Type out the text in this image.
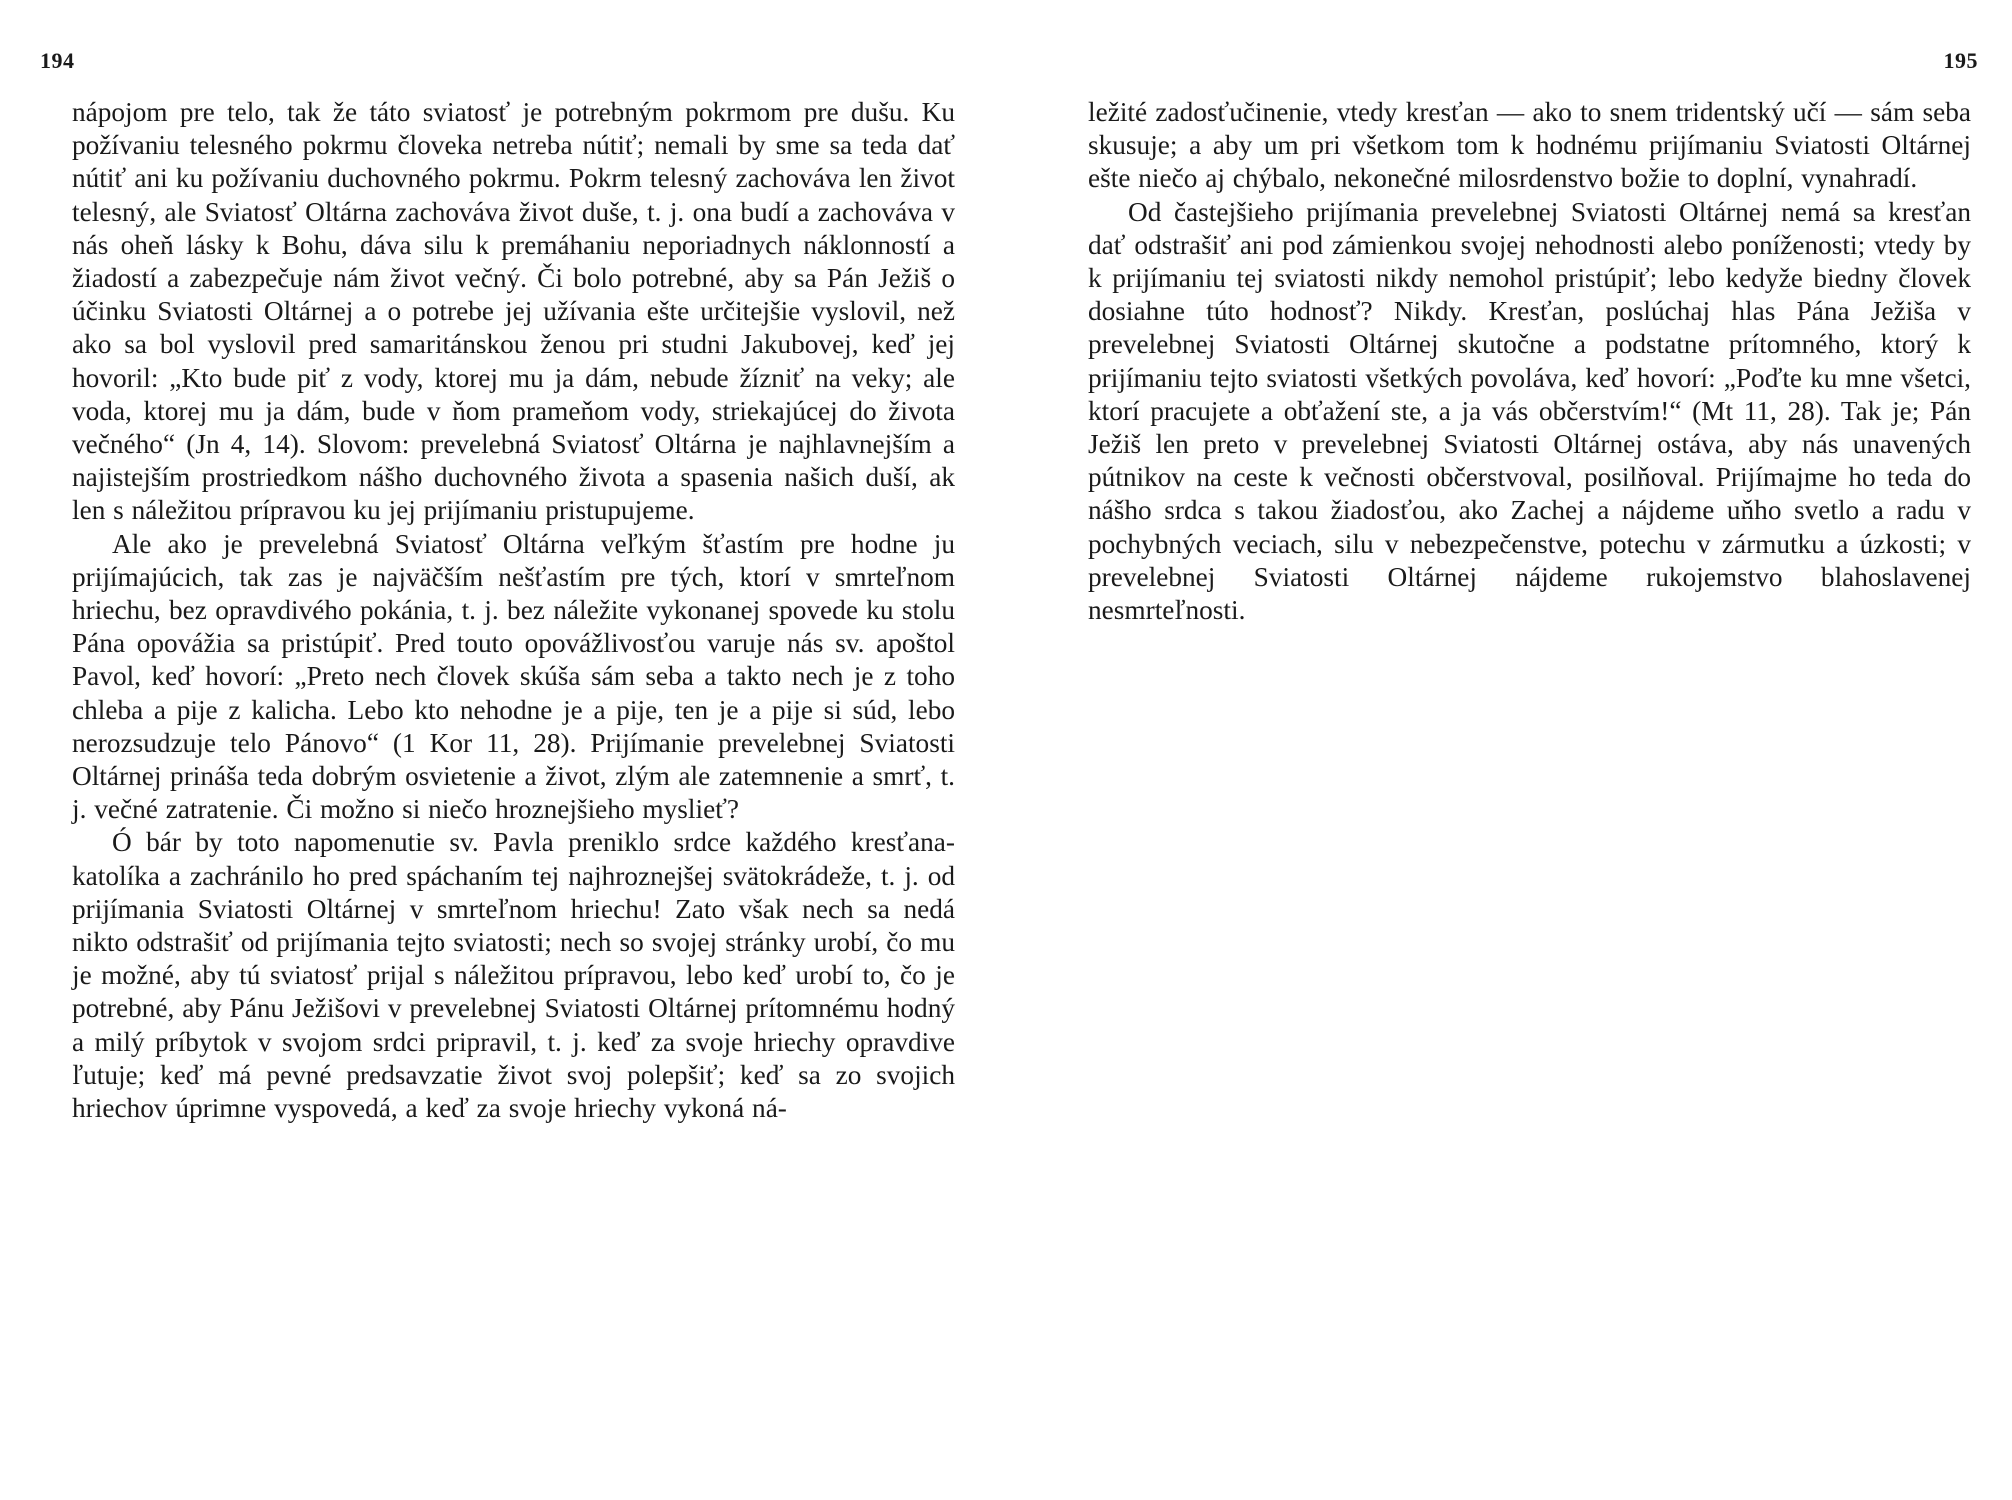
194

nápojom pre telo, tak že táto sviatosť je potrebným pokrmom pre dušu. Ku požívaniu telesného pokrmu človeka netreba nútiť; nemali by sme sa teda dať nútiť ani ku požívaniu duchovného pokrmu. Pokrm telesný zachováva len život telesný, ale Sviatosť Oltárna zachováva život duše, t. j. ona budí a zachováva v nás oheň lásky k Bohu, dáva silu k premáhaniu neporiadnych náklonností a žiadostí a zabezpečuje nám život večný. Či bolo potrebné, aby sa Pán Ježiš o účinku Sviatosti Oltárnej a o potrebe jej užívania ešte určitejšie vyslovil, než ako sa bol vyslovil pred samaritánskou ženou pri studni Jakubovej, keď jej hovoril: „Kto bude piť z vody, ktorej mu ja dám, nebude žízniť na veky; ale voda, ktorej mu ja dám, bude v ňom prameňom vody, striekajúcej do života večného“ (Jn 4, 14). Slovom: prevelebná Sviatosť Oltárna je najhlavnejším a najistejším prostriedkom nášho duchovného života a spasenia našich duší, ak len s náležitou prípravou ku jej prijímaniu pristupujeme.

Ale ako je prevelebná Sviatosť Oltárna veľkým šťastím pre hodne ju prijímajúcich, tak zas je najväčším nešťastím pre tých, ktorí v smrteľnom hriechu, bez opravdivého pokánia, t. j. bez náležite vykonanej spovede ku stolu Pána opovážia sa pristúpiť. Pred touto opovážlivosťou varuje nás sv. apoštol Pavol, keď hovorí: „Preto nech človek skúša sám seba a takto nech je z toho chleba a pije z kalicha. Lebo kto nehodne je a pije, ten je a pije si súd, lebo nerozsudzuje telo Pánovo“ (1 Kor 11, 28). Prijímanie prevelebnej Sviatosti Oltárnej prináša teda dobrým osvietenie a život, zlým ale zatemnenie a smrť, t. j. večné zatratenie. Či možno si niečo hroznejšieho myslieť?

Ó bár by toto napomenutie sv. Pavla preniklo srdce každého kresťana-katolíka a zachránilo ho pred spáchaním tej najhroznejšej svätokrádeže, t. j. od prijímania Sviatosti Oltárnej v smrteľnom hriechu! Zato však nech sa nedá nikto odstrašiť od prijímania tejto sviatosti; nech so svojej stránky urobí, čo mu je možné, aby tú sviatosť prijal s náležitou prípravou, lebo keď urobí to, čo je potrebné, aby Pánu Ježišovi v prevelebnej Sviatosti Oltárnej prítomnému hodný a milý príbytok v svojom srdci pripravil, t. j. keď za svoje hriechy opravdive ľutuje; keď má pevné predsavzatie život svoj polepšiť; keď sa zo svojich hriechov úprimne vyspovedá, a keď za svoje hriechy vykoná ná-

195

ležité zadosťučinenie, vtedy kresťan — ako to snem tridentský učí — sám seba skusuje; a aby um pri všetkom tom k hodnému prijímaniu Sviatosti Oltárnej ešte niečo aj chýbalo, nekonečné milosrdenstvo božie to doplní, vynahradí.

Od častejšieho prijímania prevelebnej Sviatosti Oltárnej nemá sa kresťan dať odstrašiť ani pod zámienkou svojej nehodnosti alebo poníženosti; vtedy by k prijímaniu tej sviatosti nikdy nemohol pristúpiť; lebo kedyže biedny človek dosiahne túto hodnosť? Nikdy. Kresťan, poslúchaj hlas Pána Ježiša v prevelebnej Sviatosti Oltárnej skutočne a podstatne prítomného, ktorý k prijímaniu tejto sviatosti všetkých povoláva, keď hovorí: „Poďte ku mne všetci, ktorí pracujete a obťažení ste, a ja vás občerstvím!“ (Mt 11, 28). Tak je; Pán Ježiš len preto v prevelebnej Sviatosti Oltárnej ostáva, aby nás unavených pútnikov na ceste k večnosti občerstvoval, posilňoval. Prijímajme ho teda do nášho srdca s takou žiadosťou, ako Zachej a nájdeme uňho svetlo a radu v pochybných veciach, silu v nebezpečenstve, potechu v zármutku a úzkosti; v prevelebnej Sviatosti Oltárnej nájdeme rukojemstvo blahoslavenej nesmrteľnosti.
